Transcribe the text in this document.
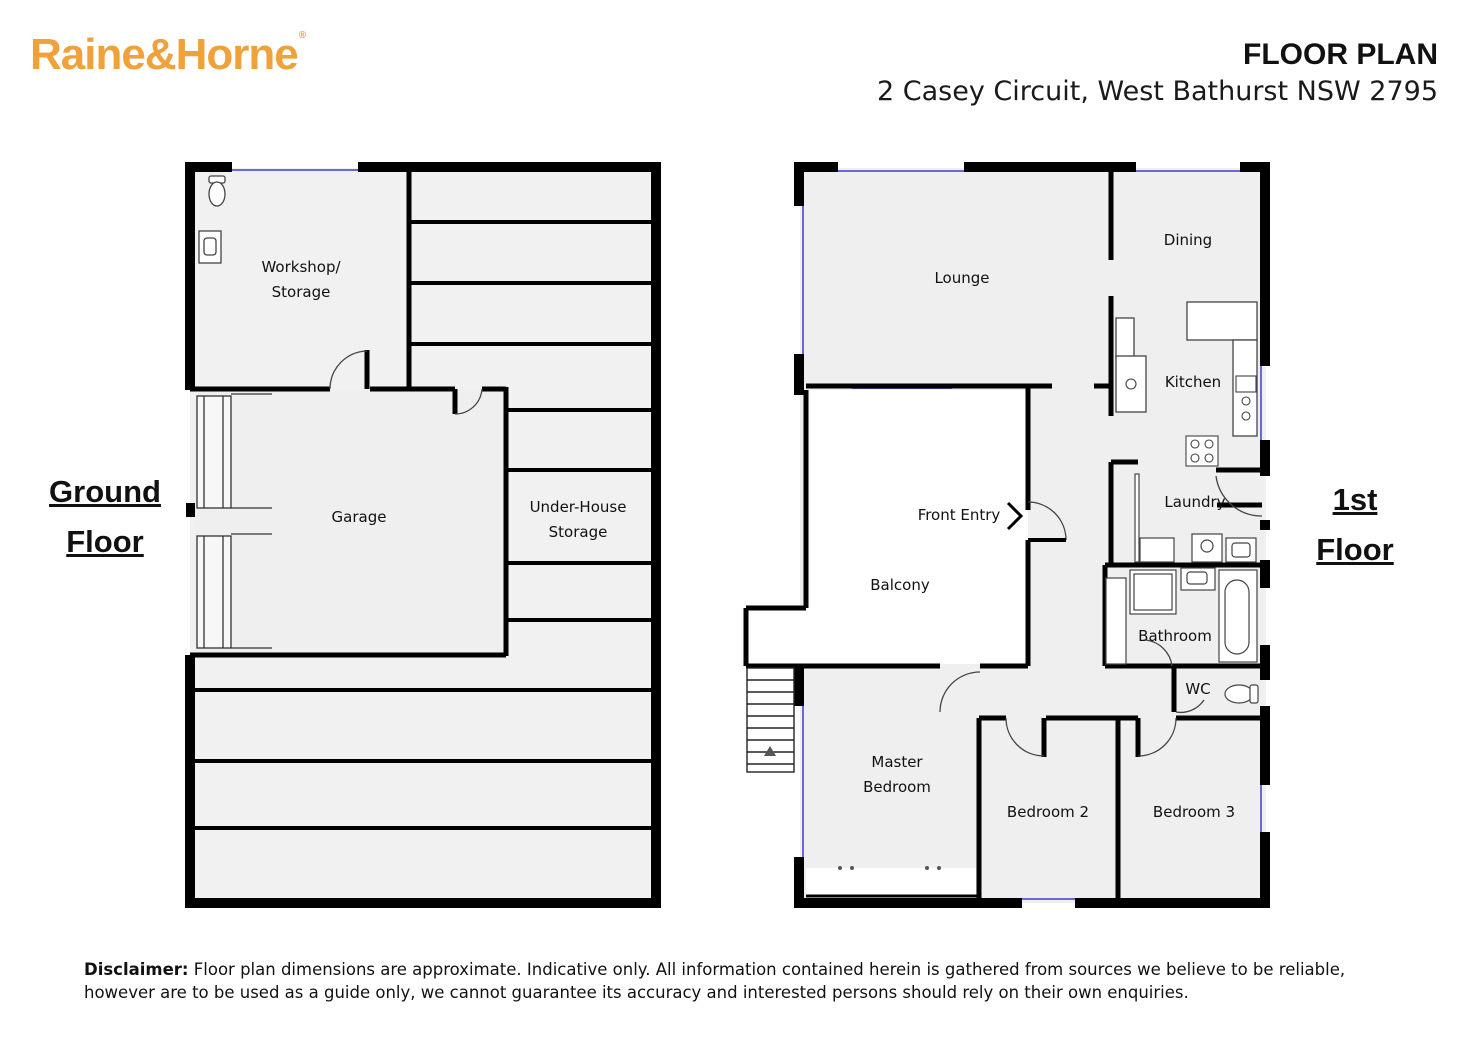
Raine&Horne®
FLOOR PLAN
2 Casey Circuit, West Bathurst NSW 2795
Ground
Floor
1st
Floor
Workshop/
Storage
Garage
Under-House
Storage
Lounge
Dining
Kitchen
Front Entry
Balcony
Laundry
Bathroom
WC
Master
Bedroom
Bedroom 2	Bedroom 3
Disclaimer: Floor plan dimensions are approximate. Indicative only. All information contained herein is gathered from sources we believe to be reliable, however are to be used as a guide only, we cannot guarantee its accuracy and interested persons should rely on their own enquiries.
